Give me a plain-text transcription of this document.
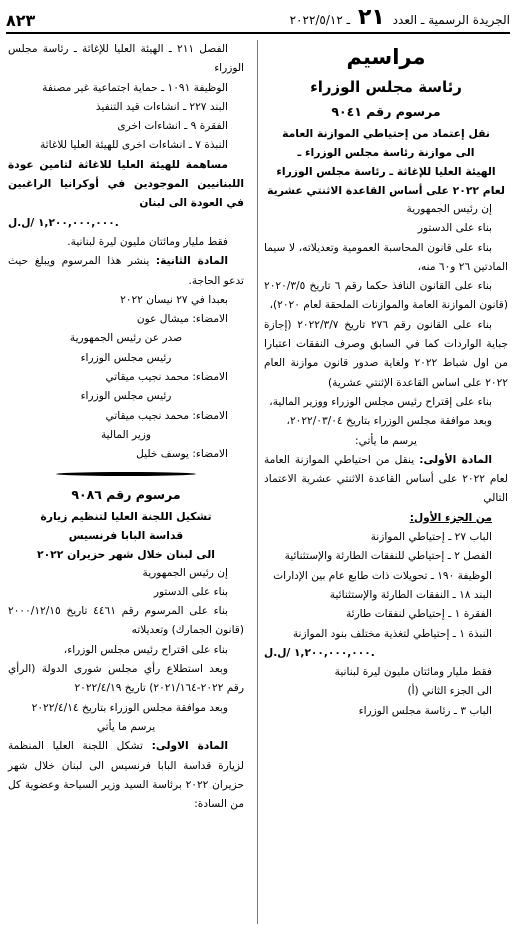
الجريدة الرسمية ـ العدد ٢١ ـ ٢٠٢٢/٥/١٢
٨٢٣
مراسيم
رئاسة مجلس الوزراء
مرسوم رقم ٩٠٤١
نقل إعتماد من إحتياطي الموازنة العامة
الى موازنة رئاسة مجلس الوزراء ـ
الهيئة العليا للإغاثة ـ رئاسة مجلس الوزراء
لعام ٢٠٢٢ على أساس القاعدة الاثنتي عشرية

إن رئيس الجمهورية

بناء على الدستور

بناء على قانون المحاسبة العمومية وتعديلاته، لا سيما المادتين ٢٦ و٦٠ منه،

بناء على القانون النافذ حكما رقم ٦ تاريخ ٢٠٢٠/٣/٥ (قانون الموازنة العامة والموازنات الملحقة لعام ٢٠٢٠)،

بناء على القانون رقم ٢٧٦ تاريخ ٢٠٢٢/٣/٧ (إجازة جباية الواردات كما في السابق وصرف النفقات اعتبارا من اول شباط ٢٠٢٢ ولغاية صدور قانون موازنة العام ٢٠٢٢ على اساس القاعدة الإثنتي عشرية)

بناء على إقتراح رئيس مجلس الوزراء ووزير المالية،

وبعد موافقة مجلس الوزراء بتاريخ ٢٠٢٢/٠٣/٠٤،

يرسم ما يأتي:

المادة الأولى: ينقل من احتياطي الموازنة العامة لعام ٢٠٢٢ على أساس القاعدة الاثنتي عشرية الاعتماد التالي

من الجزء الأول:

الباب ٢٧ ـ إحتياطي الموازنة

الفصل ٢ ـ إحتياطي للنفقات الطارئة والإستثنائية

الوظيفة ١٩٠ ـ تحويلات ذات طابع عام بين الإدارات

البند ١٨ ـ النفقات الطارئة والإستثنائية

الفقرة ١ ـ إحتياطي لنفقات طارئة

النبذة ١ ـ إحتياطي لتغذية مختلف بنود الموازنة

١,٢٠٠,٠٠٠,٠٠٠ /ل.ل.

فقط مليار ومائتان مليون ليرة لبنانية

الى الجزء الثاني (أ)

الباب ٣ ـ رئاسة مجلس الوزراء

الفصل ٢١١ ـ الهيئة العليا للإغاثة ـ رئاسة مجلس الوزراء

الوظيفة ١٠٩١ ـ حماية اجتماعية غير مصنفة

البند ٢٢٧ ـ انشاءات قيد التنفيذ

الفقرة ٩ ـ انشاءات اخرى

النبذة ٧ ـ انشاءات اخرى للهيئة العليا للاغاثة

مساهمة للهيئة العليا للاغاثة لتامين عودة اللبنانيين الموجودين في أوكرانيا الراغبين في العودة الى لبنان

١,٢٠٠,٠٠٠,٠٠٠ /ل.ل.

فقط مليار ومائتان مليون ليرة لبنانية.

المادة الثانية: ينشر هذا المرسوم ويبلغ حيث تدعو الحاجة.

بعبدا في ٢٧ نيسان ٢٠٢٢

الامضاء: ميشال عون

صدر عن رئيس الجمهورية

رئيس مجلس الوزراء

الامضاء: محمد نجيب ميقاتي

رئيس مجلس الوزراء

الامضاء: محمد نجيب ميقاتي

وزير المالية

الامضاء: يوسف خليل

مرسوم رقم ٩٠٨٦
تشكيل اللجنة العليا لتنظيم زيارة
قداسة البابا فرنسيس
الى لبنان خلال شهر حزيران ٢٠٢٢

إن رئيس الجمهورية

بناء على الدستور

بناء على المرسوم رقم ٤٤٦١ تاريخ ٢٠٠٠/١٢/١٥ (قانون الجمارك) وتعديلاته

بناء على اقتراح رئيس مجلس الوزراء،

وبعد استطلاع رأي مجلس شورى الدولة (الرأي رقم ٢٠٢٢-٢٠٢١/١٦٤) تاريخ ٢٠٢٢/٤/١٩

وبعد موافقة مجلس الوزراء بتاريخ ٢٠٢٢/٤/١٤

يرسم ما يأتي

المادة الاولى: تشكل اللجنة العليا المنظمة لزيارة قداسة البابا فرنسيس الى لبنان خلال شهر حزيران ٢٠٢٢ برئاسة السيد وزير السياحة وعضوية كل من السادة:
